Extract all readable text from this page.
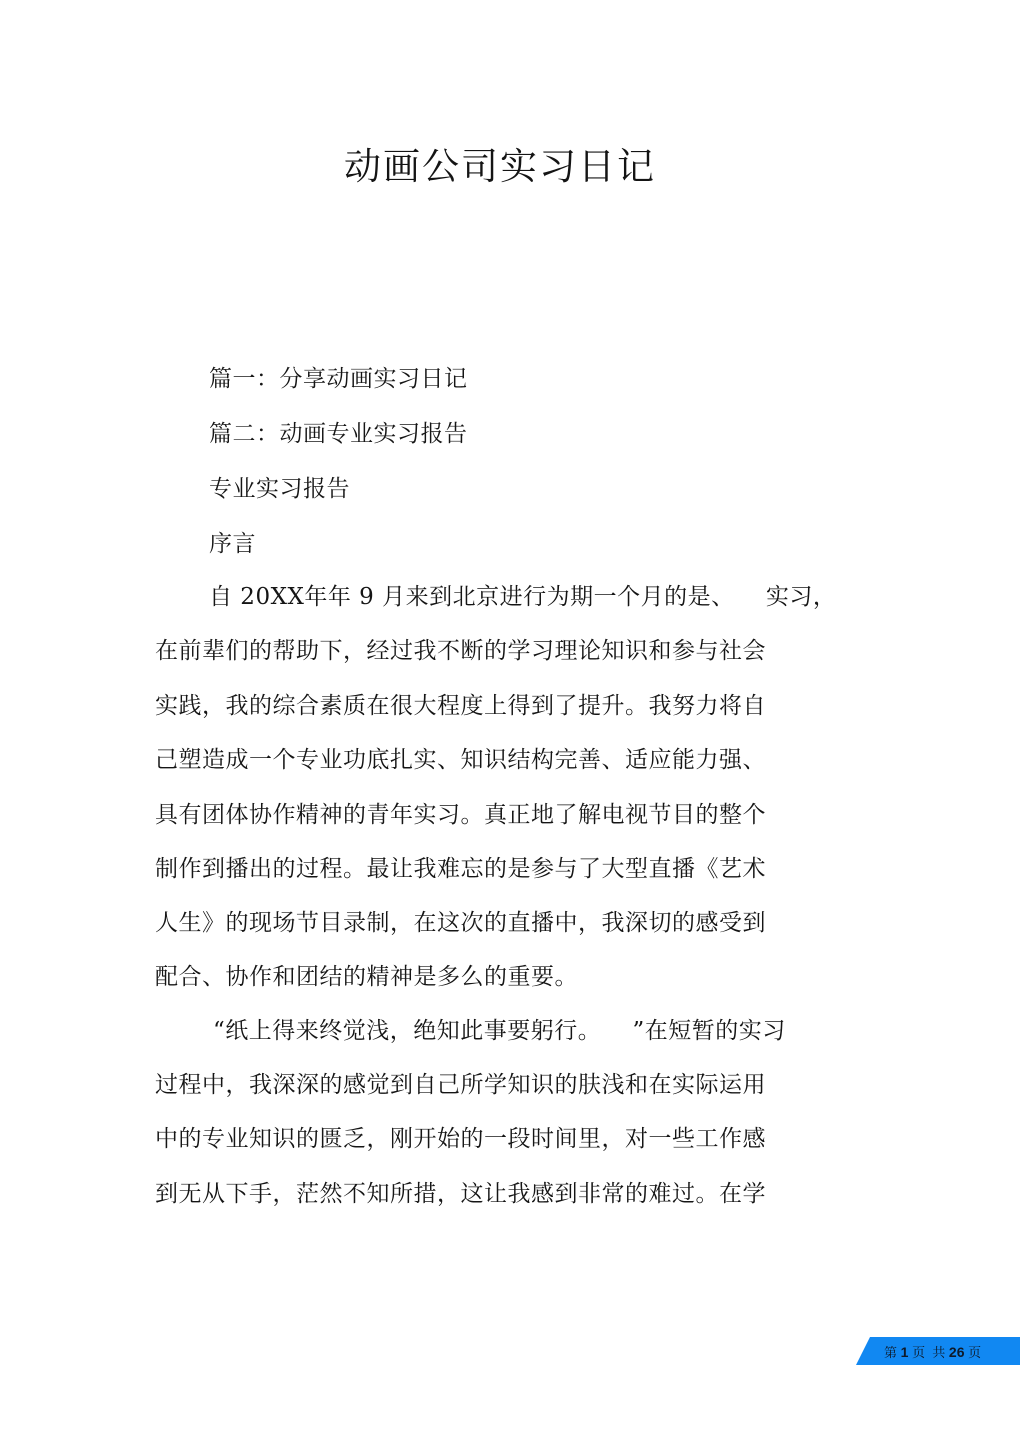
动画公司实习日记
篇一：分享动画实习日记
篇二：动画专业实习报告
专业实习报告
序言
自 20XX年年 9 月来到北京进行为期一个月的是、    实习，
在前辈们的帮助下，经过我不断的学习理论知识和参与社会
实践，我的综合素质在很大程度上得到了提升。我努力将自
己塑造成一个专业功底扎实、知识结构完善、适应能力强、
具有团体协作精神的青年实习。真正地了解电视节目的整个
制作到播出的过程。最让我难忘的是参与了大型直播《艺术
人生》的现场节目录制，在这次的直播中，我深切的感受到
配合、协作和团结的精神是多么的重要。
“纸上得来终觉浅，绝知此事要躬行。    ”在短暂的实习
过程中，我深深的感觉到自己所学知识的肤浅和在实际运用
中的专业知识的匮乏，刚开始的一段时间里，对一些工作感
到无从下手，茫然不知所措，这让我感到非常的难过。在学
第 1 页  共 26 页
